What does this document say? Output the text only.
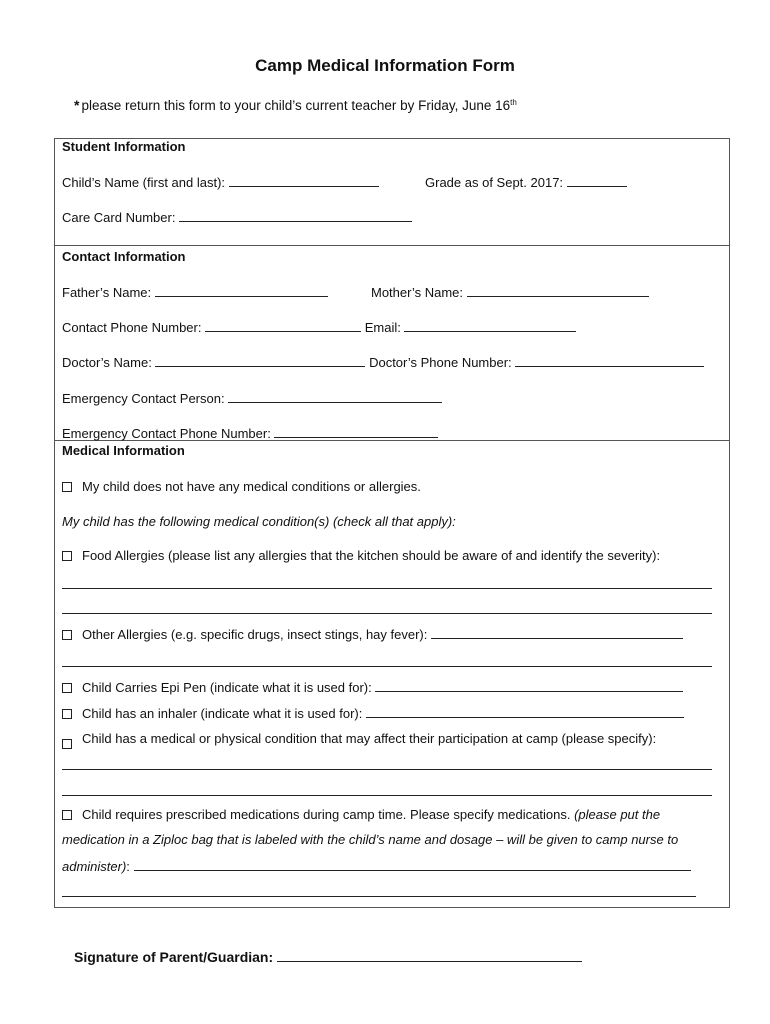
Camp Medical Information Form
* please return this form to your child’s current teacher by Friday, June 16th
Student Information
Child’s Name (first and last):	Grade as of Sept. 2017:
Care Card Number:
Contact Information
Father’s Name:	Mother’s Name:
Contact Phone Number:	Email:
Doctor’s Name:	Doctor’s Phone Number:
Emergency Contact Person:
Emergency Contact Phone Number:
Medical Information
My child does not have any medical conditions or allergies.
My child has the following medical condition(s) (check all that apply):
Food Allergies (please list any allergies that the kitchen should be aware of and identify the severity):
Other Allergies (e.g. specific drugs, insect stings, hay fever):
Child Carries Epi Pen (indicate what it is used for):
Child has an inhaler (indicate what it is used for):
Child has a medical or physical condition that may affect their participation at camp (please specify):
Child requires prescribed medications during camp time. Please specify medications. (please put the
medication in a Ziploc bag that is labeled with the child’s name and dosage – will be given to camp nurse to
administer):
Signature of Parent/Guardian:
